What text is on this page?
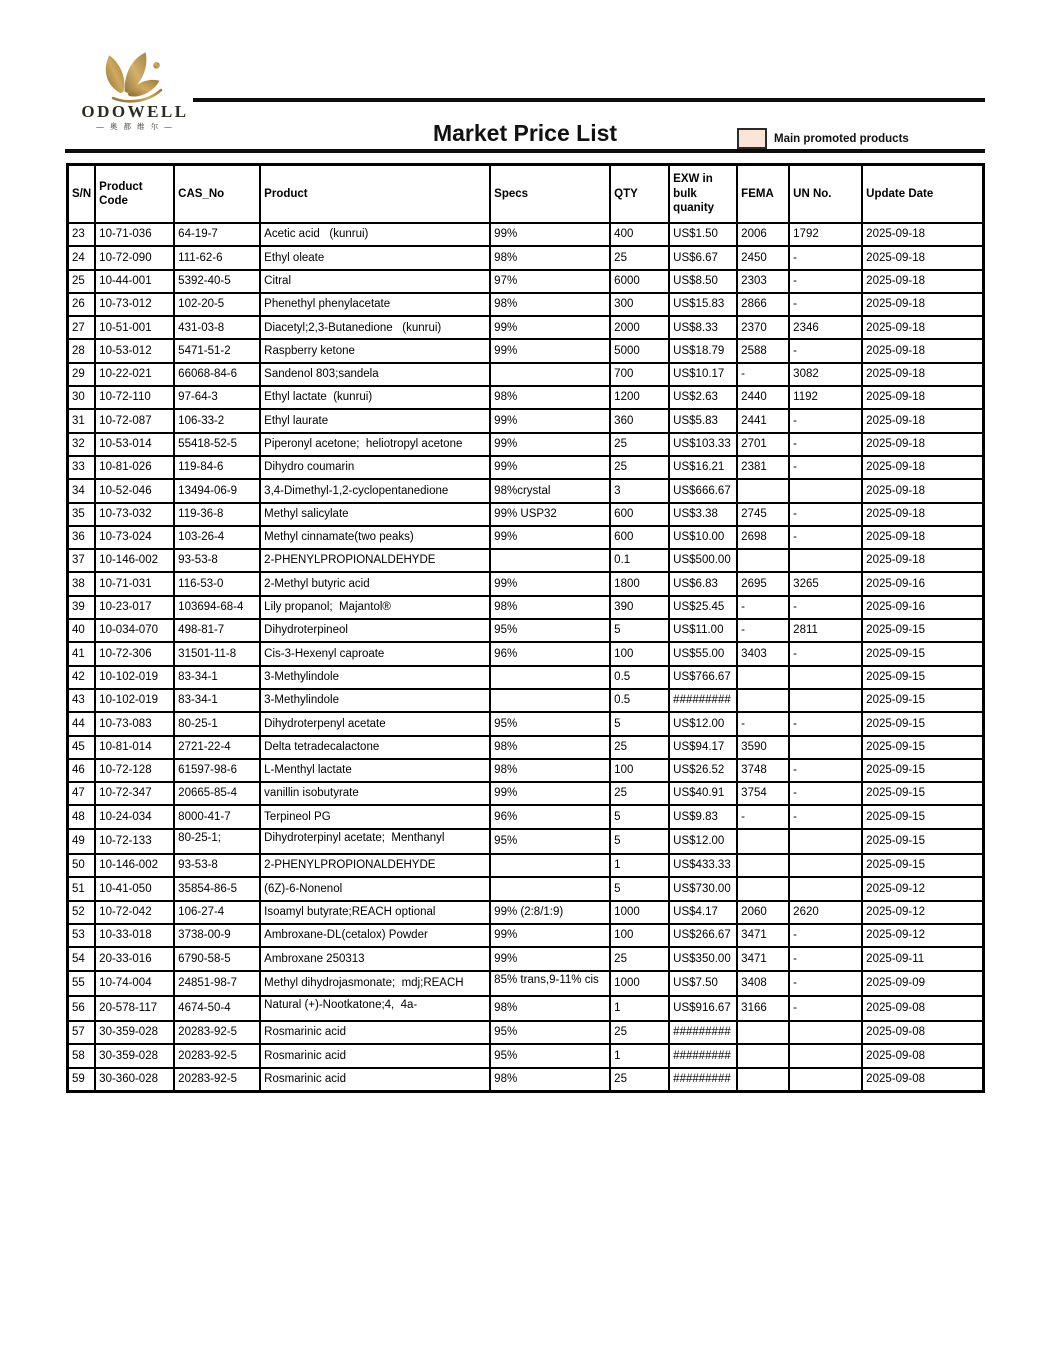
ODOWELL
— 奥 都 维 尔 —	Market Price List	Main promoted products
S/N	Product Code	CAS_No	Product	Specs	QTY	EXW in bulk quanity	FEMA	UN No.	Update Date
23	10-71-036	64-19-7	Acetic acid   (kunrui)	99%	400	US$1.50	2006	1792	2025-09-18
24	10-72-090	111-62-6	Ethyl oleate	98%	25	US$6.67	2450	-	2025-09-18
25	10-44-001	5392-40-5	Citral	97%	6000	US$8.50	2303	-	2025-09-18
26	10-73-012	102-20-5	Phenethyl phenylacetate	98%	300	US$15.83	2866	-	2025-09-18
27	10-51-001	431-03-8	Diacetyl;2,3-Butanedione   (kunrui)	99%	2000	US$8.33	2370	2346	2025-09-18
28	10-53-012	5471-51-2	Raspberry ketone	99%	5000	US$18.79	2588	-	2025-09-18
29	10-22-021	66068-84-6	Sandenol 803;sandela		700	US$10.17	-	3082	2025-09-18
30	10-72-110	97-64-3	Ethyl lactate  (kunrui)	98%	1200	US$2.63	2440	1192	2025-09-18
31	10-72-087	106-33-2	Ethyl laurate	99%	360	US$5.83	2441	-	2025-09-18
32	10-53-014	55418-52-5	Piperonyl acetone;  heliotropyl acetone	99%	25	US$103.33	2701	-	2025-09-18
33	10-81-026	119-84-6	Dihydro coumarin	99%	25	US$16.21	2381	-	2025-09-18
34	10-52-046	13494-06-9	3,4-Dimethyl-1,2-cyclopentanedione	98%crystal	3	US$666.67			2025-09-18
35	10-73-032	119-36-8	Methyl salicylate	99% USP32	600	US$3.38	2745	-	2025-09-18
36	10-73-024	103-26-4	Methyl cinnamate(two peaks)	99%	600	US$10.00	2698	-	2025-09-18
37	10-146-002	93-53-8	2-PHENYLPROPIONALDEHYDE		0.1	US$500.00			2025-09-18
38	10-71-031	116-53-0	2-Methyl butyric acid	99%	1800	US$6.83	2695	3265	2025-09-16
39	10-23-017	103694-68-4	Lily propanol;  Majantol®	98%	390	US$25.45	-	-	2025-09-16
40	10-034-070	498-81-7	Dihydroterpineol	95%	5	US$11.00	-	2811	2025-09-15
41	10-72-306	31501-11-8	Cis-3-Hexenyl caproate	96%	100	US$55.00	3403	-	2025-09-15
42	10-102-019	83-34-1	3-Methylindole		0.5	US$766.67			2025-09-15
43	10-102-019	83-34-1	3-Methylindole		0.5	#########			2025-09-15
44	10-73-083	80-25-1	Dihydroterpenyl acetate	95%	5	US$12.00	-	-	2025-09-15
45	10-81-014	2721-22-4	Delta tetradecalactone	98%	25	US$94.17	3590		2025-09-15
46	10-72-128	61597-98-6	L-Menthyl lactate	98%	100	US$26.52	3748	-	2025-09-15
47	10-72-347	20665-85-4	vanillin isobutyrate	99%	25	US$40.91	3754	-	2025-09-15
48	10-24-034	8000-41-7	Terpineol PG	96%	5	US$9.83	-	-	2025-09-15
49	10-72-133	80-25-1;	Dihydroterpinyl acetate;  Menthanyl	95%	5	US$12.00			2025-09-15
50	10-146-002	93-53-8	2-PHENYLPROPIONALDEHYDE		1	US$433.33			2025-09-15
51	10-41-050	35854-86-5	(6Z)-6-Nonenol		5	US$730.00			2025-09-12
52	10-72-042	106-27-4	Isoamyl butyrate;REACH optional	99% (2:8/1:9)	1000	US$4.17	2060	2620	2025-09-12
53	10-33-018	3738-00-9	Ambroxane-DL(cetalox) Powder	99%	100	US$266.67	3471	-	2025-09-12
54	20-33-016	6790-58-5	Ambroxane 250313	99%	25	US$350.00	3471	-	2025-09-11
55	10-74-004	24851-98-7	Methyl dihydrojasmonate;  mdj;REACH	85% trans,9-11% cis	1000	US$7.50	3408	-	2025-09-09
56	20-578-117	4674-50-4	Natural (+)-Nootkatone;4,  4a-	98%	1	US$916.67	3166	-	2025-09-08
57	30-359-028	20283-92-5	Rosmarinic acid	95%	25	#########			2025-09-08
58	30-359-028	20283-92-5	Rosmarinic acid	95%	1	#########			2025-09-08
59	30-360-028	20283-92-5	Rosmarinic acid	98%	25	#########			2025-09-08
